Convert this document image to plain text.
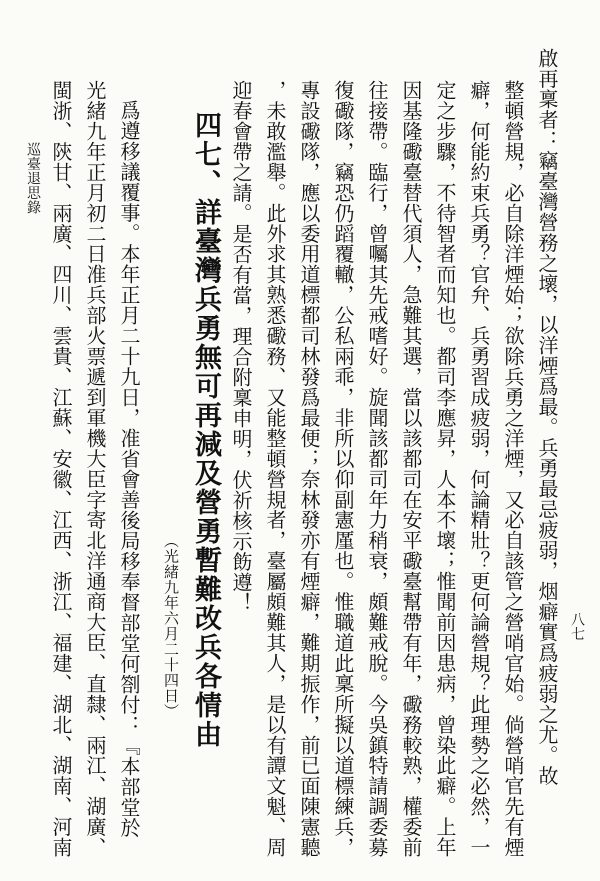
八七
啟再稟者：竊臺灣營務之壞，以洋煙爲最。兵勇最忌疲弱，烟癖實爲疲弱之尤。故
整頓營規，必自除洋煙始；欲除兵勇之洋煙，又必自該管之營哨官始。倘營哨官先有煙
癖，何能約束兵勇？官弁、兵勇習成疲弱，何論精壯？更何論營規？此理勢之必然，一
定之步驟，不待智者而知也。都司李應昇，人本不壞；惟聞前因患病，曾染此癖。上年
因基隆礮臺替代須人，急難其選，當以該都司在安平礮臺幫帶有年，礮務較熟，權委前
往接帶。臨行，曾囑其先戒嗜好。旋聞該都司年力稍衰，頗難戒脫。今吳鎮特請調委募
復礮隊，竊恐仍蹈覆轍，公私兩乖，非所以仰副憲厪也。惟職道此稟所擬以道標練兵，
專設礮隊，應以委用道標都司林發爲最便；奈林發亦有煙癖，難期振作，前已面陳憲聽
，未敢濫舉。此外求其熟悉礮務、又能整頓營規者，臺屬頗難其人，是以有譚文魁、周
迎春會帶之請。是否有當，理合附稟申明，伏祈核示飭遵！
四七、詳臺灣兵勇無可再減及營勇暫難改兵各情由
（光緒九年六月二十四日）
爲遵移議覆事。本年正月二十九日，准省會善後局移奉督部堂何劄付：『本部堂於
光緒九年正月初二日准兵部火票遞到軍機大臣字寄北洋通商大臣、直隸、兩江、湖廣、
閩浙、陝甘、兩廣、四川、雲貴、江蘇、安徽、江西、浙江、福建、湖北、湖南、河南
巡臺退思錄
